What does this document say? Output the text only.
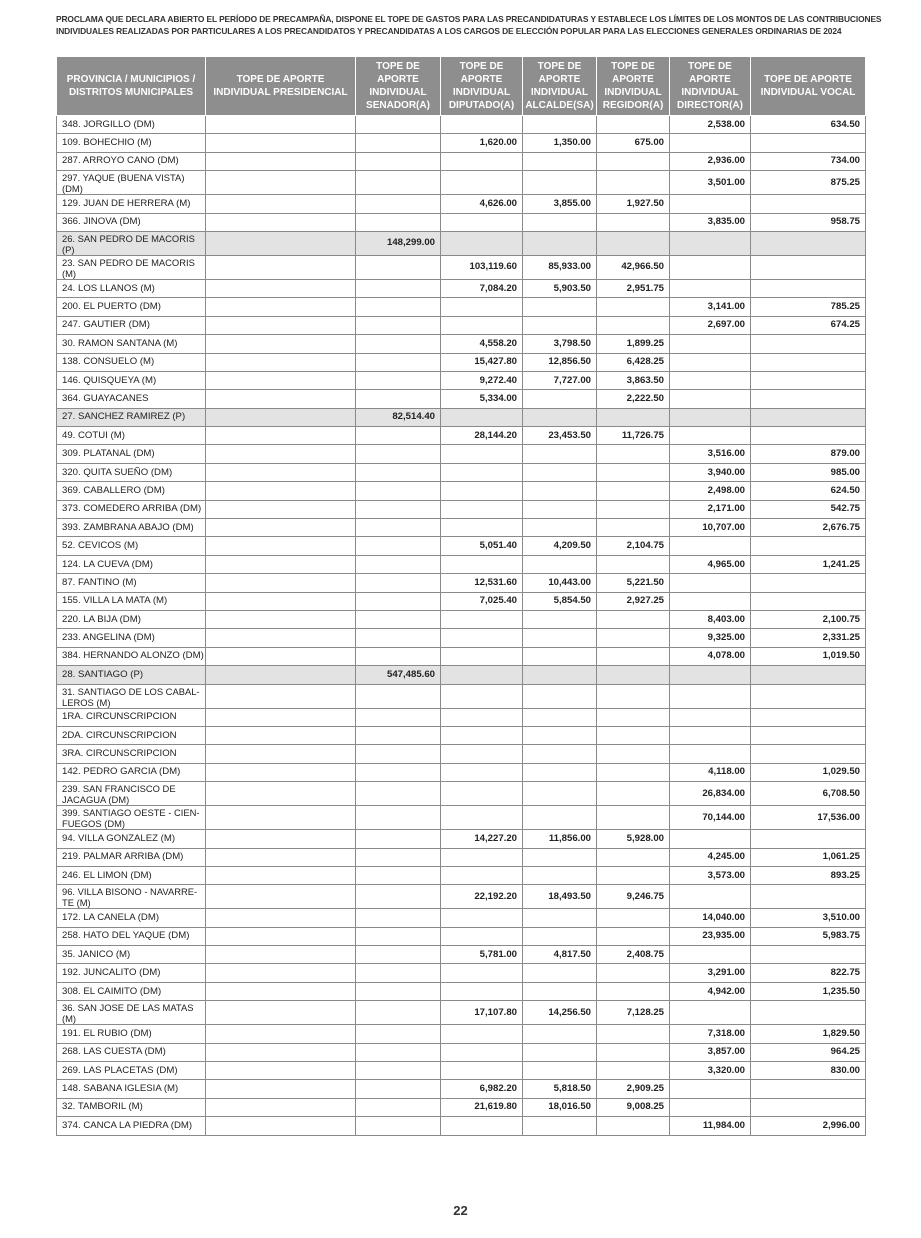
PROCLAMA QUE DECLARA ABIERTO EL PERÍODO DE PRECAMPAÑA, DISPONE EL TOPE DE GASTOS PARA LAS PRECANDIDATURAS Y ESTABLECE LOS LÍMITES DE LOS MONTOS DE LAS CONTRIBUCIONES
INDIVIDUALES REALIZADAS POR PARTICULARES A LOS PRECANDIDATOS Y PRECANDIDATAS A LOS CARGOS DE ELECCIÓN POPULAR PARA LAS ELECCIONES GENERALES ORDINARIAS DE 2024
PROVINCIA / MUNICIPIOS / DISTRITOS MUNICIPALES	TOPE DE APORTE INDIVIDUAL PRESIDENCIAL	TOPE DE APORTE INDIVIDUAL SENADOR(A)	TOPE DE APORTE INDIVIDUAL DIPUTADO(A)	TOPE DE APORTE INDIVIDUAL ALCALDE(SA)	TOPE DE APORTE INDIVIDUAL REGIDOR(A)	TOPE DE APORTE INDIVIDUAL DIRECTOR(A)	TOPE DE APORTE INDIVIDUAL VOCAL
348. JORGILLO (DM)						2,538.00	634.50
109. BOHECHIO (M)			1,620.00	1,350.00	675.00		
287. ARROYO CANO (DM)						2,936.00	734.00
297. YAQUE (BUENA VISTA) (DM)						3,501.00	875.25
129. JUAN DE HERRERA (M)			4,626.00	3,855.00	1,927.50		
366. JINOVA (DM)						3,835.00	958.75
26. SAN PEDRO DE MACORIS (P)		148,299.00					
23. SAN PEDRO DE MACORIS (M)			103,119.60	85,933.00	42,966.50		
24. LOS LLANOS (M)			7,084.20	5,903.50	2,951.75		
200. EL PUERTO (DM)						3,141.00	785.25
247. GAUTIER (DM)						2,697.00	674.25
30. RAMON SANTANA (M)			4,558.20	3,798.50	1,899.25		
138. CONSUELO (M)			15,427.80	12,856.50	6,428.25		
146. QUISQUEYA (M)			9,272.40	7,727.00	3,863.50		
364. GUAYACANES			5,334.00		2,222.50		
27. SANCHEZ RAMIREZ (P)		82,514.40					
49. COTUI (M)			28,144.20	23,453.50	11,726.75		
309. PLATANAL (DM)						3,516.00	879.00
320. QUITA SUEÑO (DM)						3,940.00	985.00
369. CABALLERO (DM)						2,498.00	624.50
373. COMEDERO ARRIBA (DM)						2,171.00	542.75
393. ZAMBRANA ABAJO (DM)						10,707.00	2,676.75
52. CEVICOS (M)			5,051.40	4,209.50	2,104.75		
124. LA CUEVA (DM)						4,965.00	1,241.25
87. FANTINO (M)			12,531.60	10,443.00	5,221.50		
155. VILLA LA MATA (M)			7,025.40	5,854.50	2,927.25		
220. LA BIJA (DM)						8,403.00	2,100.75
233. ANGELINA (DM)						9,325.00	2,331.25
384. HERNANDO ALONZO (DM)						4,078.00	1,019.50
28. SANTIAGO (P)		547,485.60					
31. SANTIAGO DE LOS CABAL-LEROS (M)							
1RA. CIRCUNSCRIPCION							
2DA. CIRCUNSCRIPCION							
3RA. CIRCUNSCRIPCION							
142. PEDRO GARCIA (DM)						4,118.00	1,029.50
239. SAN FRANCISCO DE JACAGUA (DM)						26,834.00	6,708.50
399. SANTIAGO OESTE - CIEN-FUEGOS (DM)						70,144.00	17,536.00
94. VILLA GONZALEZ (M)			14,227.20	11,856.00	5,928.00		
219. PALMAR ARRIBA (DM)						4,245.00	1,061.25
246. EL LIMON (DM)						3,573.00	893.25
96. VILLA BISONO - NAVARRE-TE (M)			22,192.20	18,493.50	9,246.75		
172. LA CANELA (DM)						14,040.00	3,510.00
258. HATO DEL YAQUE (DM)						23,935.00	5,983.75
35. JANICO (M)			5,781.00	4,817.50	2,408.75		
192. JUNCALITO (DM)						3,291.00	822.75
308. EL CAIMITO (DM)						4,942.00	1,235.50
36. SAN JOSE DE LAS MATAS (M)			17,107.80	14,256.50	7,128.25		
191. EL RUBIO (DM)						7,318.00	1,829.50
268. LAS CUESTA (DM)						3,857.00	964.25
269. LAS PLACETAS (DM)						3,320.00	830.00
148. SABANA IGLESIA (M)			6,982.20	5,818.50	2,909.25		
32. TAMBORIL (M)			21,619.80	18,016.50	9,008.25		
374. CANCA LA PIEDRA (DM)						11,984.00	2,996.00
22
